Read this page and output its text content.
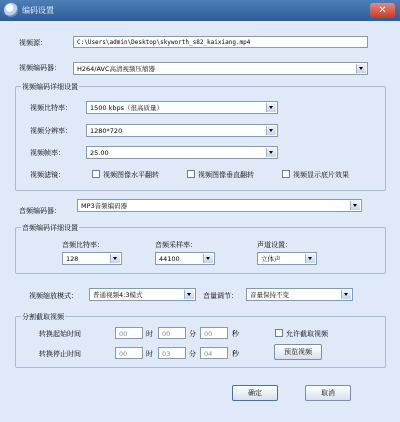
编码设置	✕
视频源：	C:\Users\admin\Desktop\skyworth_s82_kaixiang.mp4
视频编码器： H264/AVC高清视频压缩器
视频编码详细设置
视频比特率：	1500 kbps（很高质量）
视频分辨率：	1280*720
视频帧率：	25.00
视频滤镜：	视频图像水平翻转	视频图像垂直翻转	视频显示底片效果
音频编码器：
MP3音频编码器
音频编码详细设置
音频比特率：
128
音频采样率：
44100
声道设置：
立体声
视频缩放模式： 普通视频4:3模式	音量调节： 音量保持不变
分割截取视频
转换起始时间	00	时	00	分	00	秒	允许截取视频
转换停止时间	00	时	03	分	04	秒	预览视频
确定	取消
